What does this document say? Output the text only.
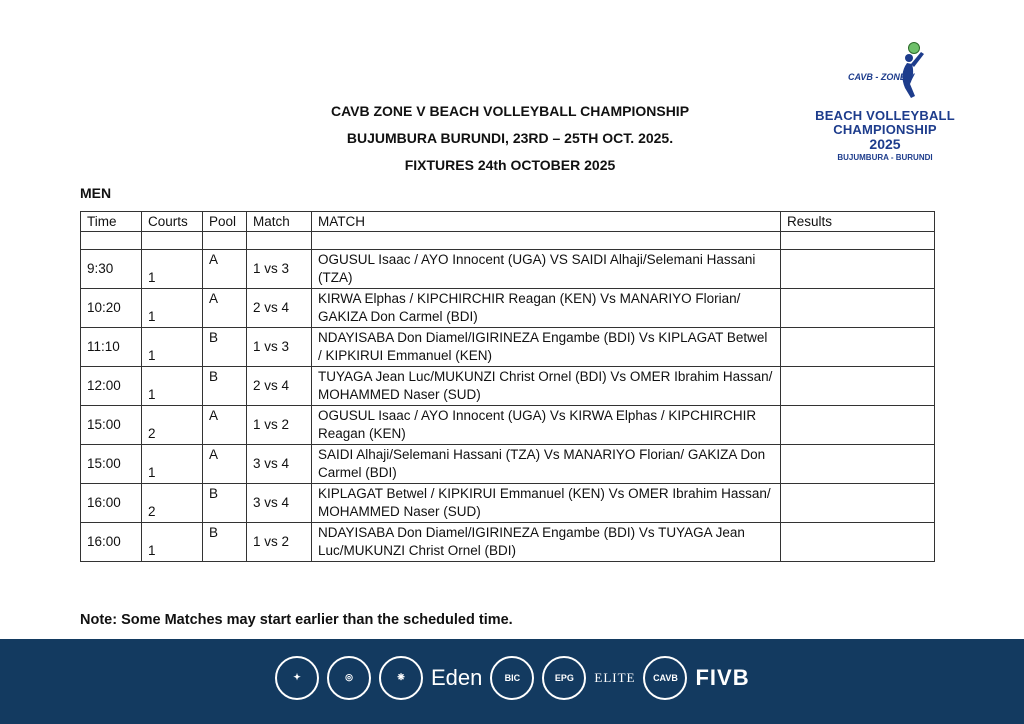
CAVB ZONE V BEACH VOLLEYBALL CHAMPIONSHIP
BUJUMBURA BURUNDI, 23RD – 25TH OCT. 2025.
FIXTURES 24th OCTOBER 2025
CAVB - ZONE V
BEACH VOLLEYBALL
CHAMPIONSHIP
2025
BUJUMBURA - BURUNDI
MEN
Time	Courts	Pool	Match	MATCH	Results

9:30	1	A	1 vs 3	OGUSUL Isaac / AYO Innocent (UGA) VS SAIDI Alhaji/Selemani Hassani (TZA)	
10:20	1	A	2 vs 4	KIRWA Elphas / KIPCHIRCHIR Reagan (KEN) Vs MANARIYO Florian/ GAKIZA Don Carmel (BDI)	
11:10	1	B	1 vs 3	NDAYISABA Don Diamel/IGIRINEZA Engambe (BDI) Vs KIPLAGAT Betwel / KIPKIRUI Emmanuel (KEN)	
12:00	1	B	2 vs 4	TUYAGA Jean Luc/MUKUNZI Christ Ornel (BDI) Vs OMER Ibrahim Hassan/ MOHAMMED Naser (SUD)	
15:00	2	A	1 vs 2	OGUSUL Isaac / AYO Innocent (UGA) Vs KIRWA Elphas / KIPCHIRCHIR Reagan (KEN)	
15:00	1	A	3 vs 4	SAIDI Alhaji/Selemani Hassani (TZA) Vs MANARIYO Florian/ GAKIZA Don Carmel (BDI)	
16:00	2	B	3 vs 4	KIPLAGAT Betwel / KIPKIRUI Emmanuel (KEN) Vs OMER Ibrahim Hassan/ MOHAMMED Naser (SUD)	
16:00	1	B	1 vs 2	NDAYISABA Don Diamel/IGIRINEZA Engambe (BDI) Vs TUYAGA Jean Luc/MUKUNZI Christ Ornel (BDI)	
Note: Some Matches may start earlier than the scheduled time.
✦	◎	❋	Eden	BIC	EPG	ELITE	CAVB FIVB
